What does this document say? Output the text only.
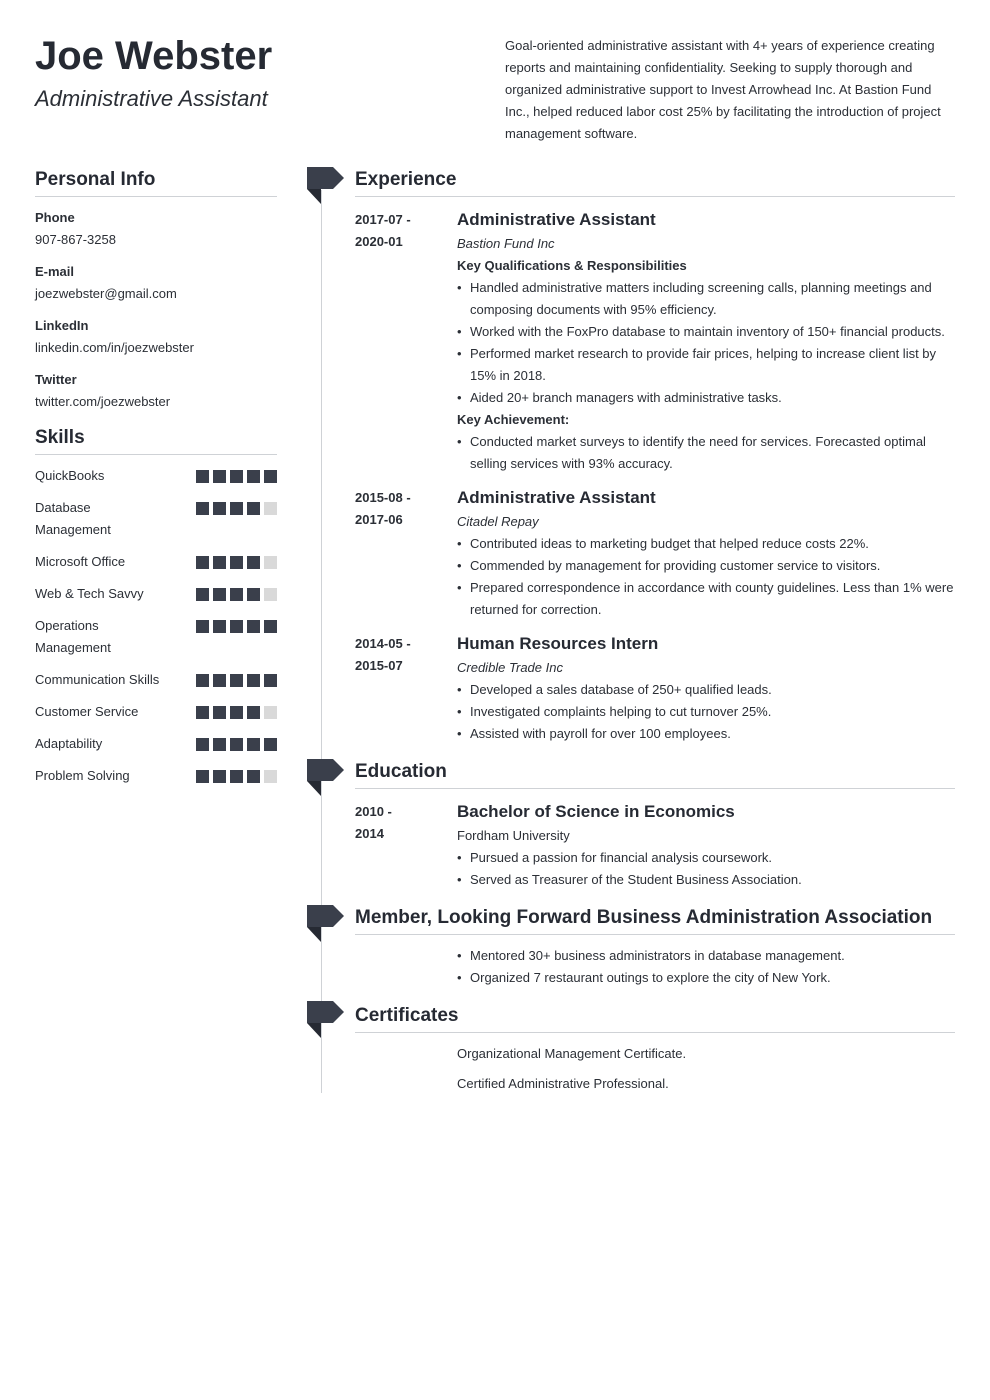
Joe Webster
Administrative Assistant
Goal-oriented administrative assistant with 4+ years of experience creating reports and maintaining confidentiality. Seeking to supply thorough and organized administrative support to Invest Arrowhead Inc. At Bastion Fund Inc., helped reduced labor cost 25% by facilitating the introduction of project management software.
Personal Info
Phone
907-867-3258
E-mail
joezwebster@gmail.com
LinkedIn
linkedin.com/in/joezwebster
Twitter
twitter.com/joezwebster
Skills
QuickBooks
Database Management
Microsoft Office
Web & Tech Savvy
Operations Management
Communication Skills
Customer Service
Adaptability
Problem Solving
Experience
2017-07 -
2020-01
Administrative Assistant
Bastion Fund Inc
Key Qualifications & Responsibilities
• Handled administrative matters including screening calls, planning meetings and composing documents with 95% efficiency.
• Worked with the FoxPro database to maintain inventory of 150+ financial products.
• Performed market research to provide fair prices, helping to increase client list by 15% in 2018.
• Aided 20+ branch managers with administrative tasks.
Key Achievement:
• Conducted market surveys to identify the need for services. Forecasted optimal selling services with 93% accuracy.
2015-08 -
2017-06
Administrative Assistant
Citadel Repay
• Contributed ideas to marketing budget that helped reduce costs 22%.
• Commended by management for providing customer service to visitors.
• Prepared correspondence in accordance with county guidelines. Less than 1% were returned for correction.
2014-05 -
2015-07
Human Resources Intern
Credible Trade Inc
• Developed a sales database of 250+ qualified leads.
• Investigated complaints helping to cut turnover 25%.
• Assisted with payroll for over 100 employees.
Education
2010 -
2014
Bachelor of Science in Economics
Fordham University
• Pursued a passion for financial analysis coursework.
• Served as Treasurer of the Student Business Association.
Member, Looking Forward Business Administration Association
• Mentored 30+ business administrators in database management.
• Organized 7 restaurant outings to explore the city of New York.
Certificates
Organizational Management Certificate.
Certified Administrative Professional.
